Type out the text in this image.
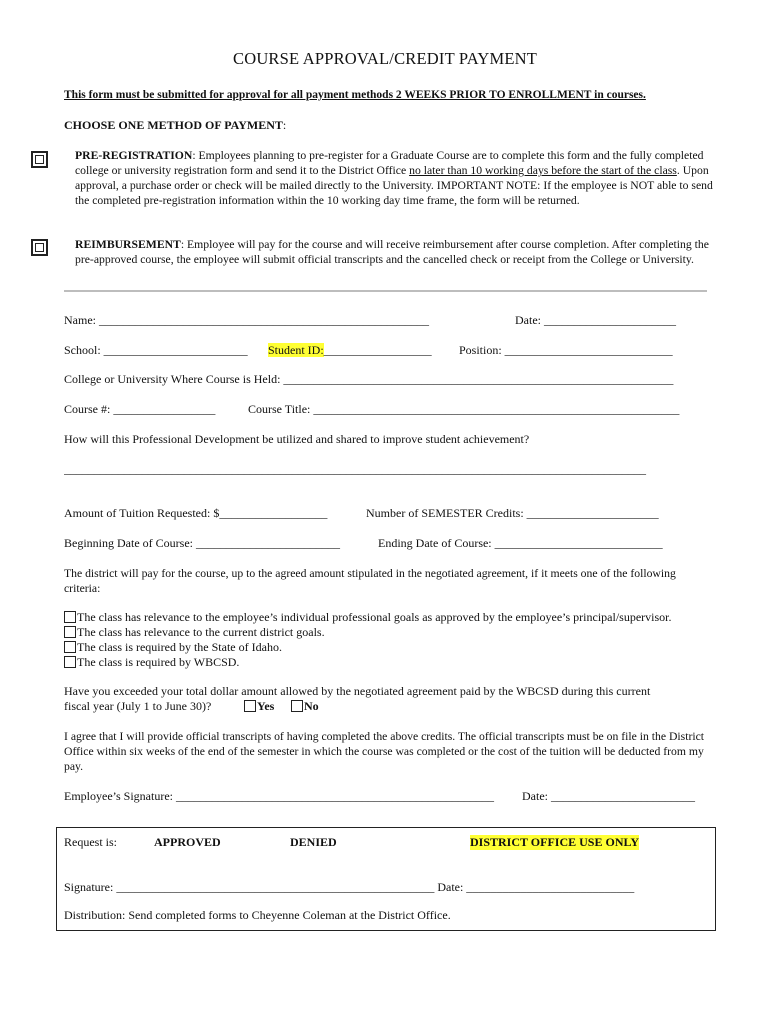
COURSE APPROVAL/CREDIT PAYMENT
This form must be submitted for approval for all payment methods 2 WEEKS PRIOR TO ENROLLMENT in courses.
CHOOSE ONE METHOD OF PAYMENT:
PRE-REGISTRATION: Employees planning to pre-register for a Graduate Course are to complete this form and the fully completed college or university registration form and send it to the District Office no later than 10 working days before the start of the class. Upon approval, a purchase order or check will be mailed directly to the University. IMPORTANT NOTE: If the employee is NOT able to send the completed pre-registration information within the 10 working day time frame, the form will be returned.
REIMBURSEMENT: Employee will pay for the course and will receive reimbursement after course completion. After completing the pre-approved course, the employee will submit official transcripts and the cancelled check or receipt from the College or University.
Name: _______________________________________________________	Date: ______________________
School: ________________________ Student ID:__________________ Position: ____________________________
College or University Where Course is Held: _________________________________________________________________
Course #: _________________	Course Title: _____________________________________________________________
How will this Professional Development be utilized and shared to improve student achievement?
_________________________________________________________________________________________________
Amount of Tuition Requested: $__________________	Number of SEMESTER Credits: ______________________
Beginning Date of Course: ________________________	Ending Date of Course: ____________________________
The district will pay for the course, up to the agreed amount stipulated in the negotiated agreement, if it meets one of the following criteria:
The class has relevance to the employee’s individual professional goals as approved by the employee’s principal/supervisor.
The class has relevance to the current district goals.
The class is required by the State of Idaho.
The class is required by WBCSD.
Have you exceeded your total dollar amount allowed by the negotiated agreement paid by the WBCSD during this current
fiscal year (July 1 to June 30)?	Yes	No
I agree that I will provide official transcripts of having completed the above credits. The official transcripts must be on file in the District Office within six weeks of the end of the semester in which the course was completed or the cost of the tuition will be deducted from my pay.
Employee’s Signature: _____________________________________________________ Date: ________________________
Request is:	APPROVED	DENIED	DISTRICT OFFICE USE ONLY
Signature: _____________________________________________________ Date: ____________________________
Distribution: Send completed forms to Cheyenne Coleman at the District Office.
